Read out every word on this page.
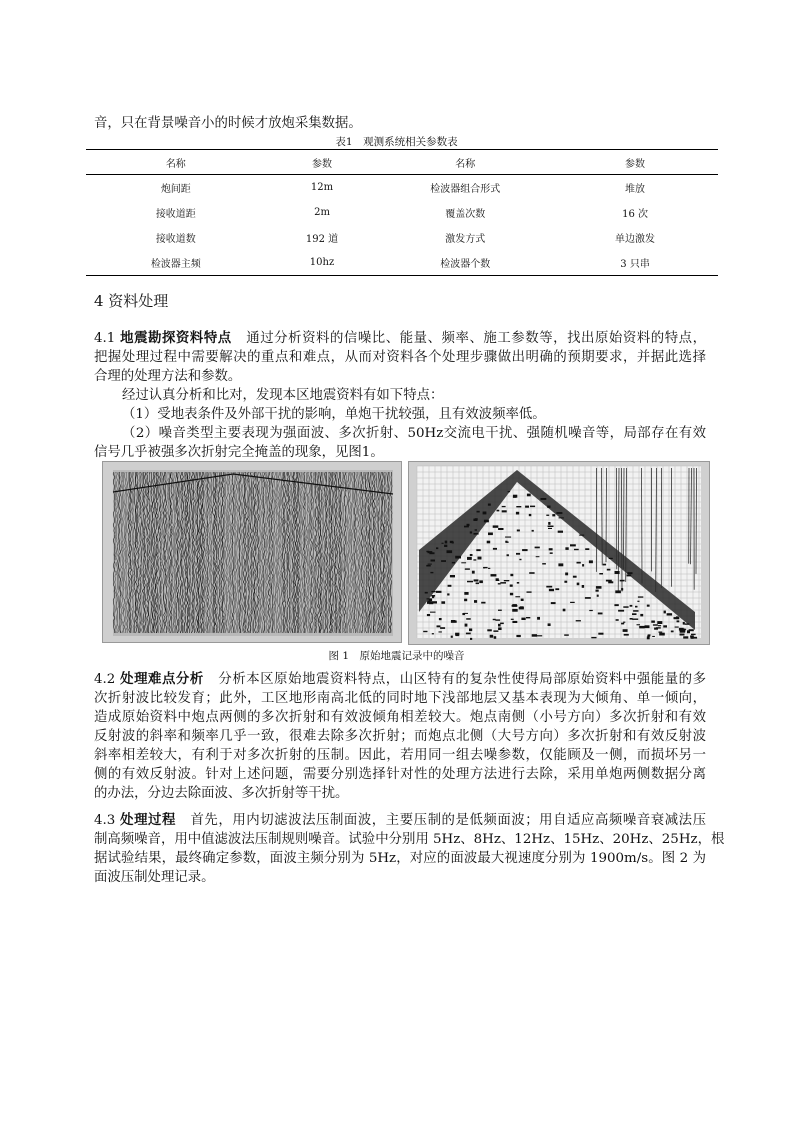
音，只在背景噪音小的时候才放炮采集数据。
表1　观测系统相关参数表
名称	参数	名称	参数
炮间距	12m	检波器组合形式	堆放
接收道距	2m	覆盖次数	16 次
接收道数	192 道	激发方式	单边激发
检波器主频	10hz	检波器个数	3 只串
4 资料处理
4.1 地震勘探资料特点 通过分析资料的信噪比、能量、频率、施工参数等，找出原始资料的特点，
把握处理过程中需要解决的重点和难点，从而对资料各个处理步骤做出明确的预期要求，并据此选择
合理的处理方法和参数。
经过认真分析和比对，发现本区地震资料有如下特点：
（1）受地表条件及外部干扰的影响，单炮干扰较强，且有效波频率低。
（2）噪音类型主要表现为强面波、多次折射、50Hz交流电干扰、强随机噪音等，局部存在有效
信号几乎被强多次折射完全掩盖的现象，见图1。
图 1　原始地震记录中的噪音
4.2 处理难点分析 分析本区原始地震资料特点，山区特有的复杂性使得局部原始资料中强能量的多
次折射波比较发育；此外，工区地形南高北低的同时地下浅部地层又基本表现为大倾角、单一倾向，
造成原始资料中炮点两侧的多次折射和有效波倾角相差较大。炮点南侧（小号方向）多次折射和有效
反射波的斜率和频率几乎一致，很难去除多次折射；而炮点北侧（大号方向）多次折射和有效反射波
斜率相差较大，有利于对多次折射的压制。因此，若用同一组去噪参数，仅能顾及一侧，而损坏另一
侧的有效反射波。针对上述问题，需要分别选择针对性的处理方法进行去除，采用单炮两侧数据分离
的办法，分边去除面波、多次折射等干扰。
4.3 处理过程 首先，用内切滤波法压制面波，主要压制的是低频面波；用自适应高频噪音衰减法压
制高频噪音，用中值滤波法压制规则噪音。试验中分别用 5Hz、8Hz、12Hz、15Hz、20Hz、25Hz，根
据试验结果，最终确定参数，面波主频分别为 5Hz，对应的面波最大视速度分别为 1900m/s。图 2 为
面波压制处理记录。
